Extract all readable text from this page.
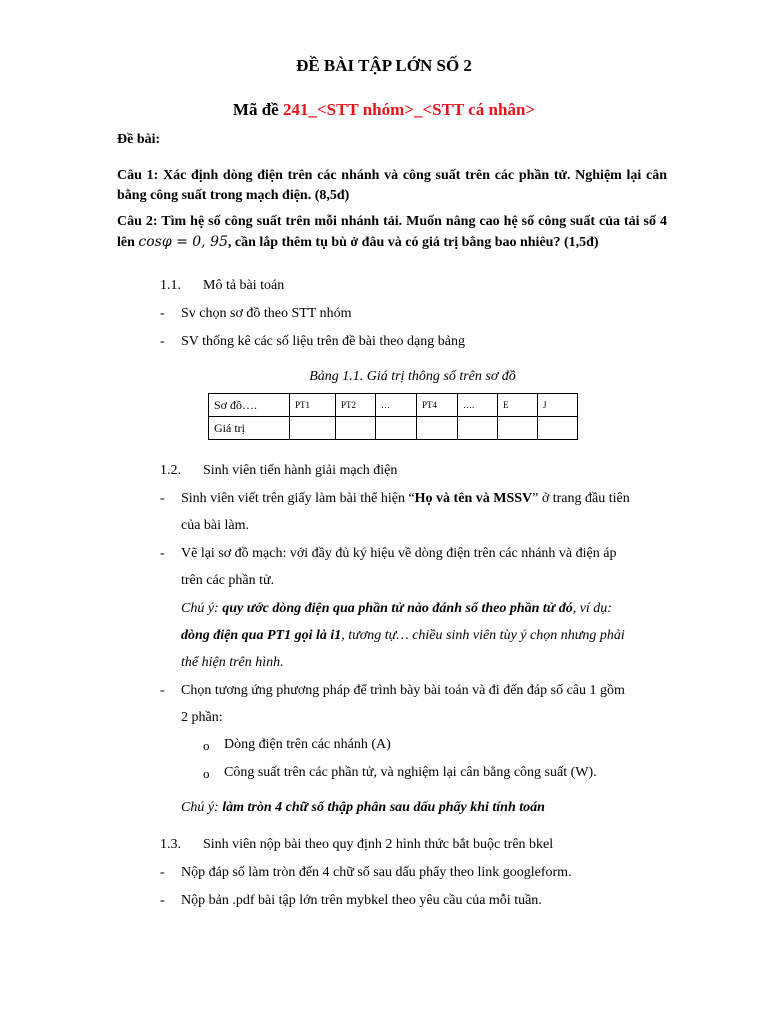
ĐỀ BÀI TẬP LỚN SỐ 2
Mã đề 241_<STT nhóm>_<STT cá nhân>
Đề bài:
Câu 1: Xác định dòng điện trên các nhánh và công suất trên các phần tử. Nghiệm lại cân bằng công suất trong mạch điện. (8,5đ)
Câu 2: Tìm hệ số công suất trên mỗi nhánh tải. Muốn nâng cao hệ số công suất của tải số 4 lên cosφ = 0, 95, cần lắp thêm tụ bù ở đâu và có giá trị bằng bao nhiêu? (1,5đ)
1.1. Mô tả bài toán
- Sv chọn sơ đồ theo STT nhóm
- SV thống kê các số liệu trên đề bài theo dạng bảng
Bảng 1.1. Giá trị thông số trên sơ đồ
Sơ đồ….	PT1	PT2	…	PT4	….	E	J
Giá trị							
1.2. Sinh viên tiến hành giải mạch điện
- Sinh viên viết trên giấy làm bài thể hiện “Họ và tên và MSSV” ở trang đầu tiên
của bài làm.
- Vẽ lại sơ đồ mạch: với đầy đủ ký hiệu về dòng điện trên các nhánh và điện áp
trên các phần tử.
Chú ý: quy ước dòng điện qua phần tử nào đánh số theo phần tử đó, ví dụ:
dòng điện qua PT1 gọi là i1, tương tự… chiều sinh viên tùy ý chọn nhưng phải
thể hiện trên hình.
- Chọn tương ứng phương pháp để trình bày bài toán và đi đến đáp số câu 1 gồm
2 phần:
o Dòng điện trên các nhánh (A)
o Công suất trên các phần tử, và nghiệm lại cân bằng công suất (W).
Chú ý: làm tròn 4 chữ số thập phân sau dấu phẩy khi tính toán
1.3. Sinh viên nộp bài theo quy định 2 hình thức bắt buộc trên bkel
- Nộp đáp số làm tròn đến 4 chữ số sau dấu phẩy theo link googleform.
- Nộp bản .pdf bài tập lớn trên mybkel theo yêu cầu của mỗi tuần.
